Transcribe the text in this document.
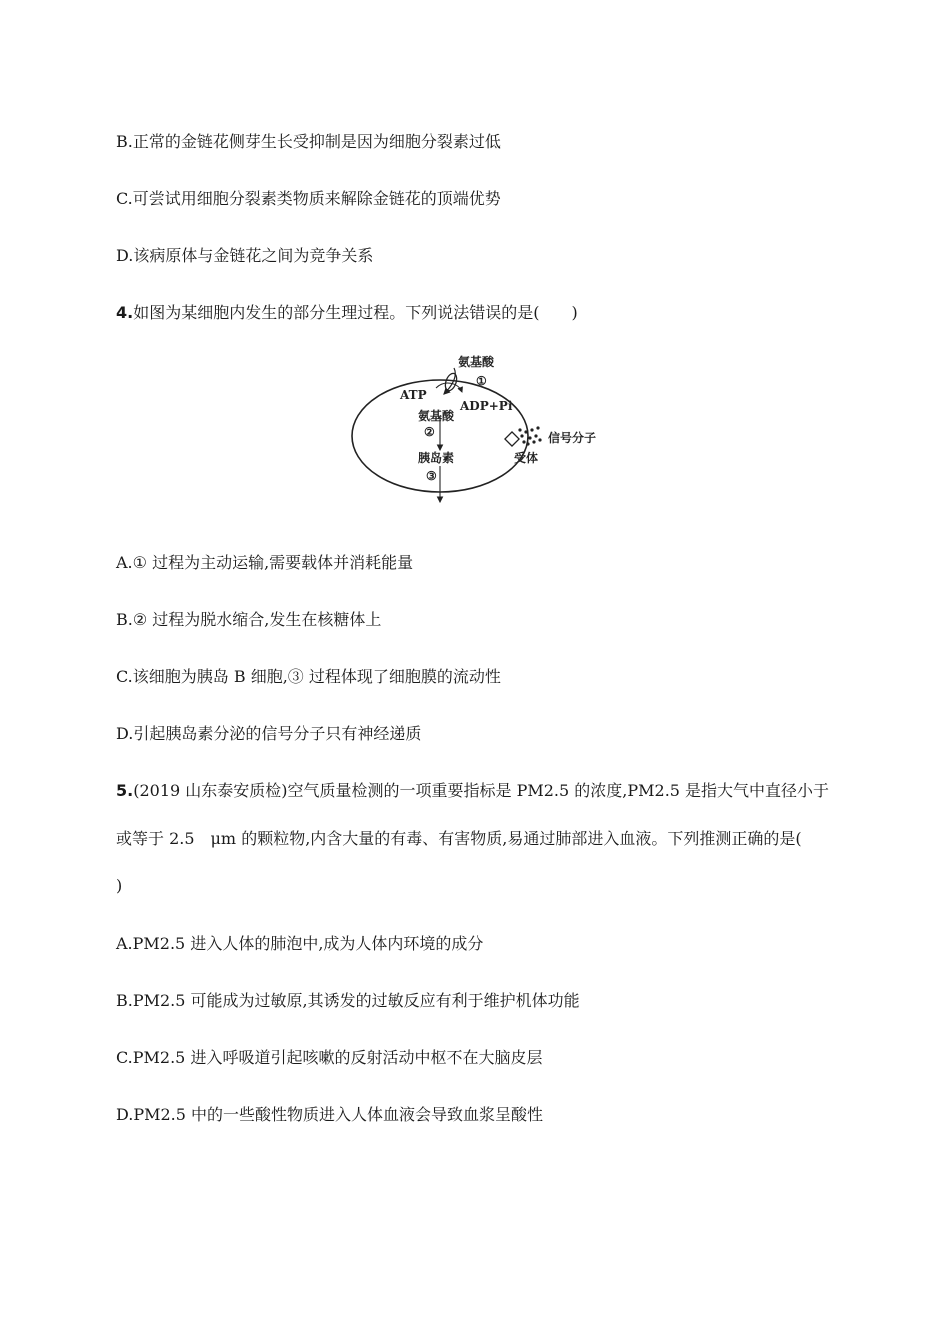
B.正常的金链花侧芽生长受抑制是因为细胞分裂素过低
C.可尝试用细胞分裂素类物质来解除金链花的顶端优势
D.该病原体与金链花之间为竞争关系
4.如图为某细胞内发生的部分生理过程。下列说法错误的是(　　)
氨基酸
①
ATP
ADP+Pi
氨基酸
②
胰岛素
③
信号分子
受体
A.① 过程为主动运输,需要载体并消耗能量
B.② 过程为脱水缩合,发生在核糖体上
C.该细胞为胰岛 B 细胞,③ 过程体现了细胞膜的流动性
D.引起胰岛素分泌的信号分子只有神经递质
5.(2019 山东泰安质检)空气质量检测的一项重要指标是 PM2.5 的浓度,PM2.5 是指大气中直径小于
或等于 2.5　μm 的颗粒物,内含大量的有毒、有害物质,易通过肺部进入血液。下列推测正确的是(
)
A.PM2.5 进入人体的肺泡中,成为人体内环境的成分
B.PM2.5 可能成为过敏原,其诱发的过敏反应有利于维护机体功能
C.PM2.5 进入呼吸道引起咳嗽的反射活动中枢不在大脑皮层
D.PM2.5 中的一些酸性物质进入人体血液会导致血浆呈酸性
